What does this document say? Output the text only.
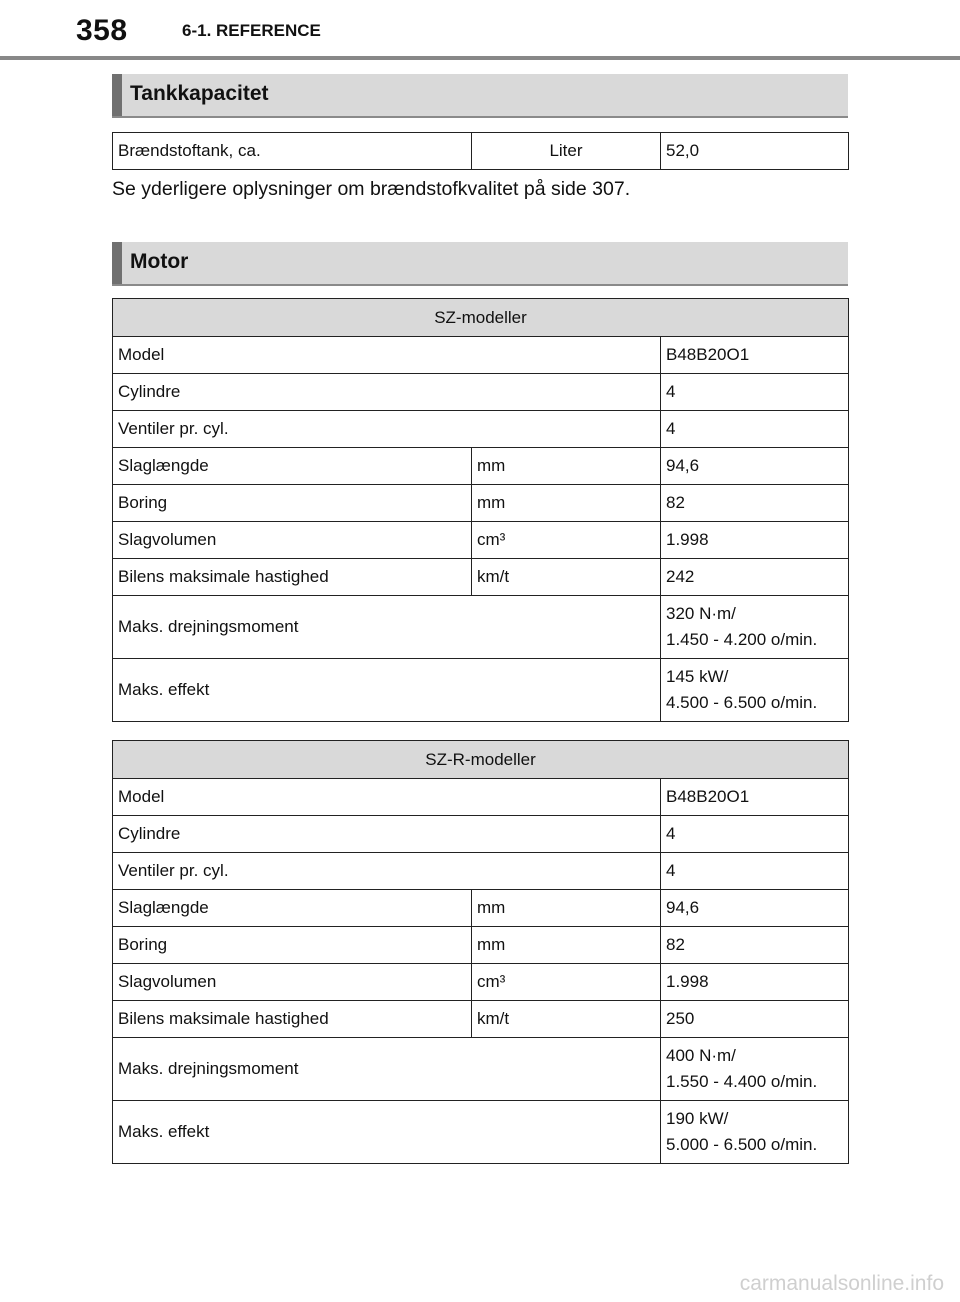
358	6-1. REFERENCE
Tankkapacitet
Brændstoftank, ca.	Liter	52,0
Se yderligere oplysninger om brændstofkvalitet på side 307.
Motor
SZ-modeller		
Model		B48B20O1
Cylindre		4
Ventiler pr. cyl.		4
Slaglængde	mm	94,6
Boring	mm	82
Slagvolumen	cm³	1.998
Bilens maksimale hastighed	km/t	242
Maks. drejningsmoment		320 N·m/
1.450 - 4.200 o/min.

Maks. effekt		145 kW/
4.500 - 6.500 o/min.
SZ-R-modeller		
Model		B48B20O1
Cylindre		4
Ventiler pr. cyl.		4
Slaglængde	mm	94,6
Boring	mm	82
Slagvolumen	cm³	1.998
Bilens maksimale hastighed	km/t	250
Maks. drejningsmoment		400 N·m/
1.550 - 4.400 o/min.

Maks. effekt		190 kW/
5.000 - 6.500 o/min.
carmanualsonline.info
